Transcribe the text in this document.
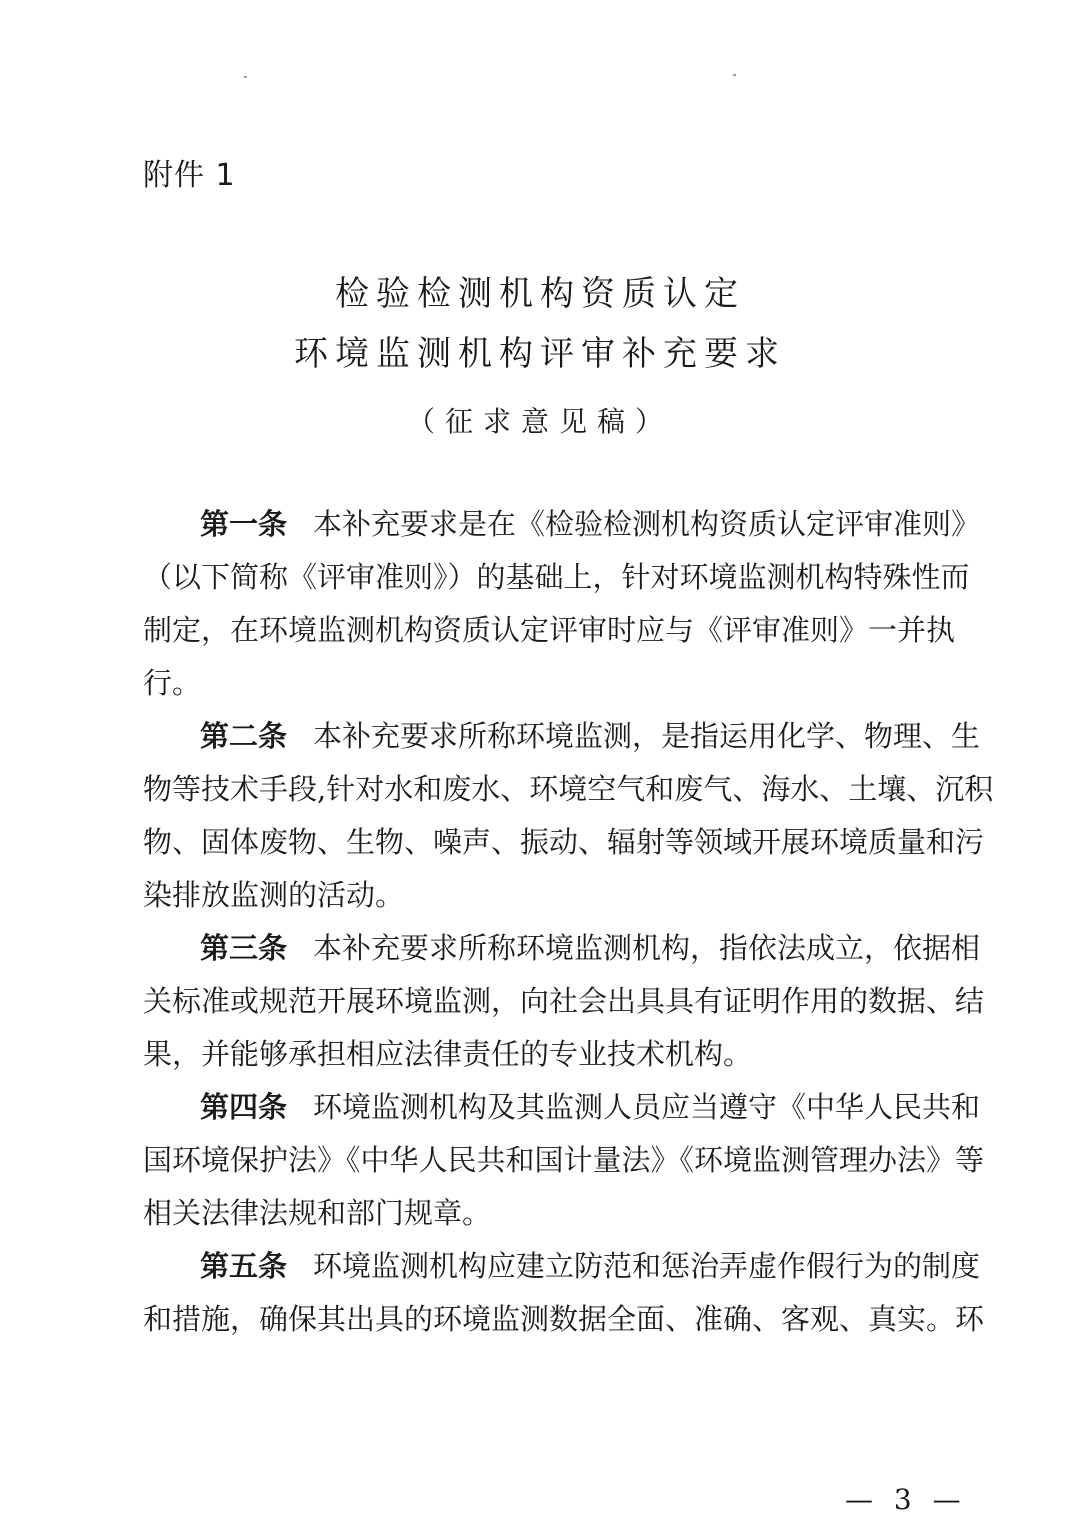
附件 1
检验检测机构资质认定
环境监测机构评审补充要求
（征求意见稿）
第一条 本补充要求是在《检验检测机构资质认定评审准则》
（以下简称《评审准则》）的基础上，针对环境监测机构特殊性而
制定，在环境监测机构资质认定评审时应与《评审准则》一并执
行。
第二条 本补充要求所称环境监测，是指运用化学、物理、生
物等技术手段,针对水和废水、环境空气和废气、海水、土壤、沉积
物、固体废物、生物、噪声、振动、辐射等领域开展环境质量和污
染排放监测的活动。
第三条 本补充要求所称环境监测机构，指依法成立，依据相
关标准或规范开展环境监测，向社会出具具有证明作用的数据、结
果，并能够承担相应法律责任的专业技术机构。
第四条 环境监测机构及其监测人员应当遵守《中华人民共和
国环境保护法》《中华人民共和国计量法》《环境监测管理办法》等
相关法律法规和部门规章。
第五条 环境监测机构应建立防范和惩治弄虚作假行为的制度
和措施，确保其出具的环境监测数据全面、准确、客观、真实。环
— 3 —
